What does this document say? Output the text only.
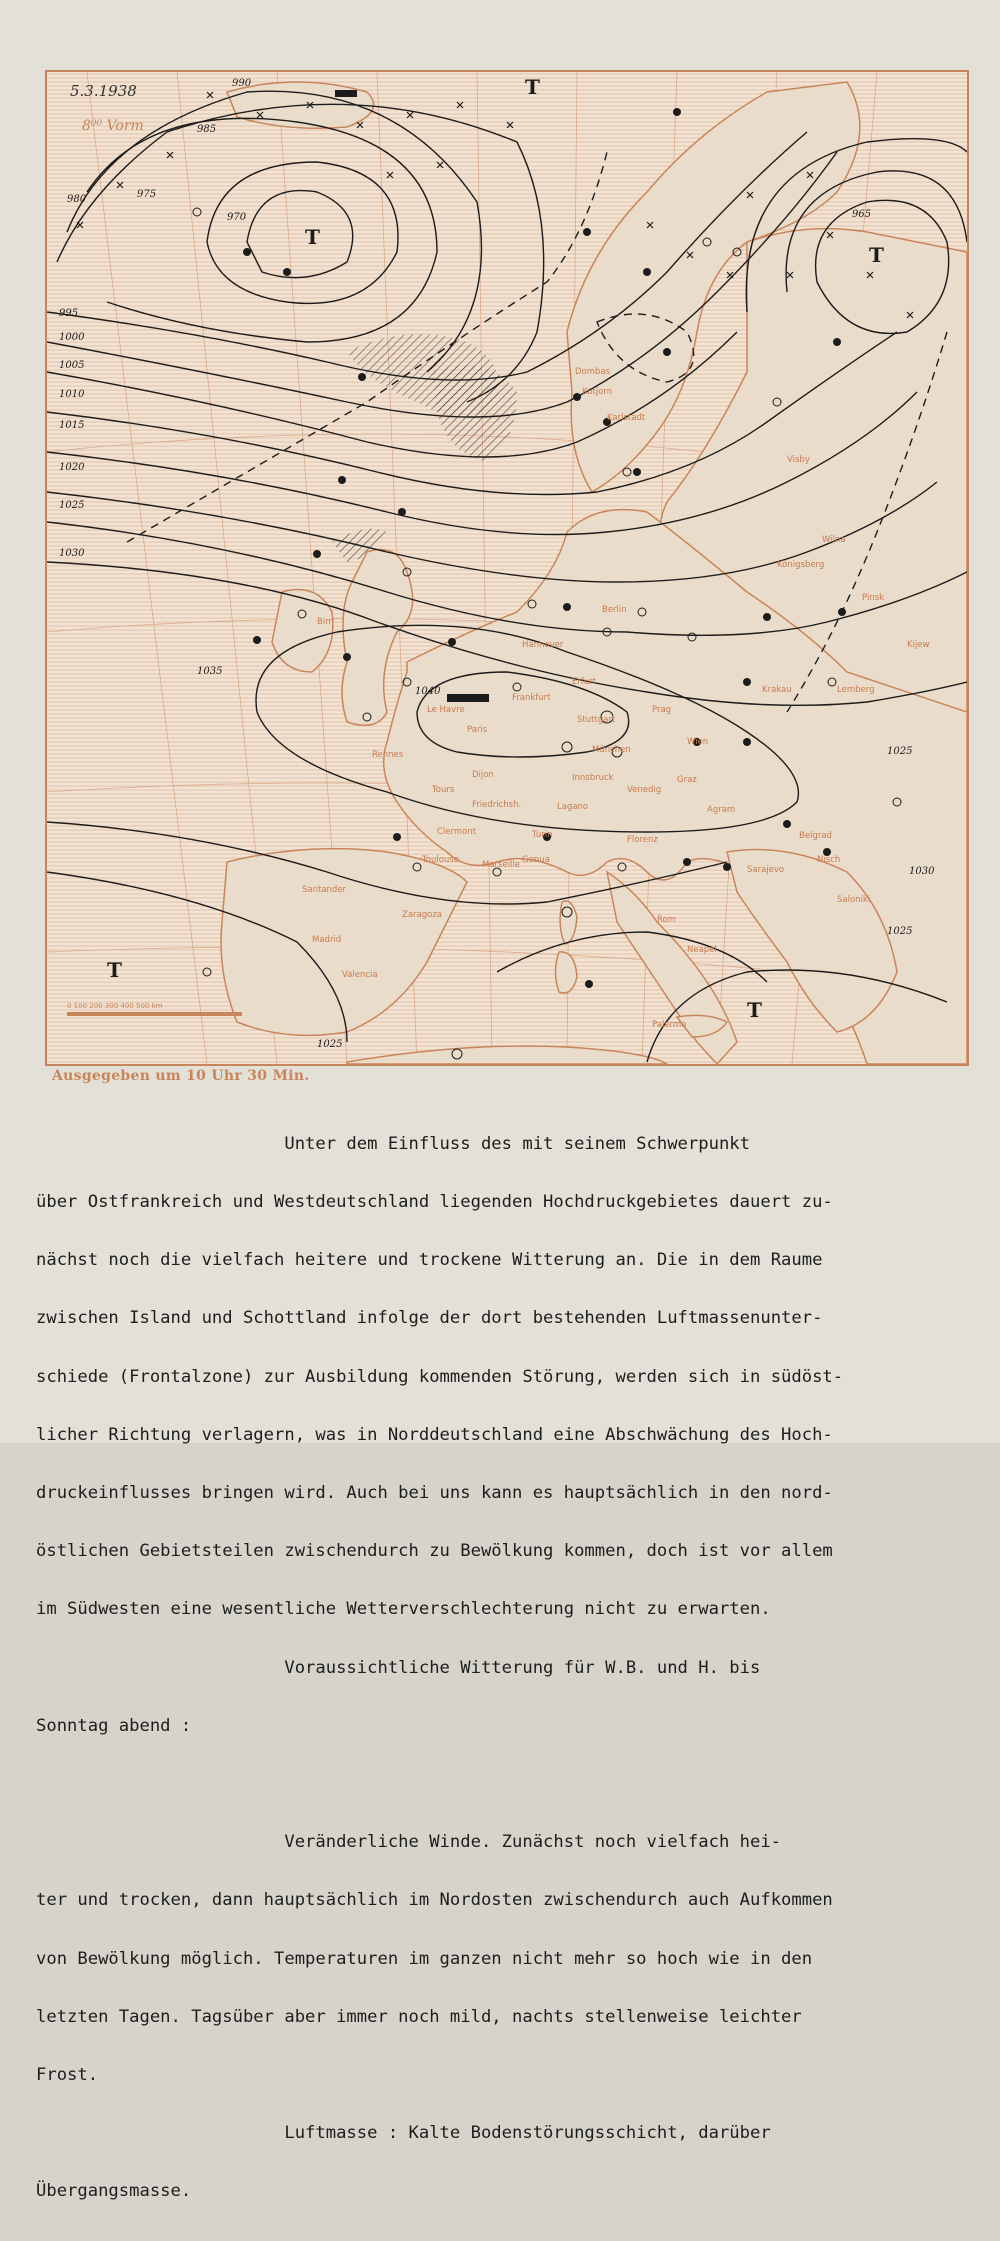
⠀
T
T
T
T
T
990
985
980	975
970	965
995
1000
1005
1010
1015
1020
1025
1030
1035
1040
1025
1030
1025
1025
Dombas
Kutjorn
Karlstadt
Visby
Wilna
Königsberg
Pinsk
Kijew
Lemberg
Krakau
Prag
Wien
Graz
Agram
Belgrad
Nisch
Sarajevo
Saloniki
Rennes
Tours
Paris
Dijon
Clermont
Toulouse	Marseille
Santander
Zaragoza
Madrid
Valencia
Berlin
Hannover
Erfurt
Frankfurt
Stuttgart
München
Innsbruck
Venedig
Turin
Genua
Florenz
Rom
Neapel
Palermo
Le Havre
Birr
Lagano
Friedrichsh.
0 100 200 300 400 500 km
5.3.1938
8⁰⁰ Vorm
Ausgegeben um 10 Uhr 30 Min.

Unter dem Einfluss des mit seinem Schwerpunkt

über Ostfrankreich und Westdeutschland liegenden Hochdruckgebietes dauert zu-

nächst noch die vielfach heitere und trockene Witterung an. Die in dem Raume

zwischen Island und Schottland infolge der dort bestehenden Luftmassenunter-

schiede (Frontalzone) zur Ausbildung kommenden Störung, werden sich in südöst-

licher Richtung verlagern, was in Norddeutschland eine Abschwächung des Hoch-

druckeinflusses bringen wird. Auch bei uns kann es hauptsächlich in den nord-

östlichen Gebietsteilen zwischendurch zu Bewölkung kommen, doch ist vor allem

im Südwesten eine wesentliche Wetterverschlechterung nicht zu erwarten.

Voraussichtliche Witterung für W.B. und H. bis

Sonntag abend :

Veränderliche Winde. Zunächst noch vielfach hei-

ter und trocken, dann hauptsächlich im Nordosten zwischendurch auch Aufkommen

von Bewölkung möglich. Temperaturen im ganzen nicht mehr so hoch wie in den

letzten Tagen. Tagsüber aber immer noch mild, nachts stellenweise leichter

Frost.

Luftmasse : Kalte Bodenstörungsschicht, darüber

Übergangsmasse.
